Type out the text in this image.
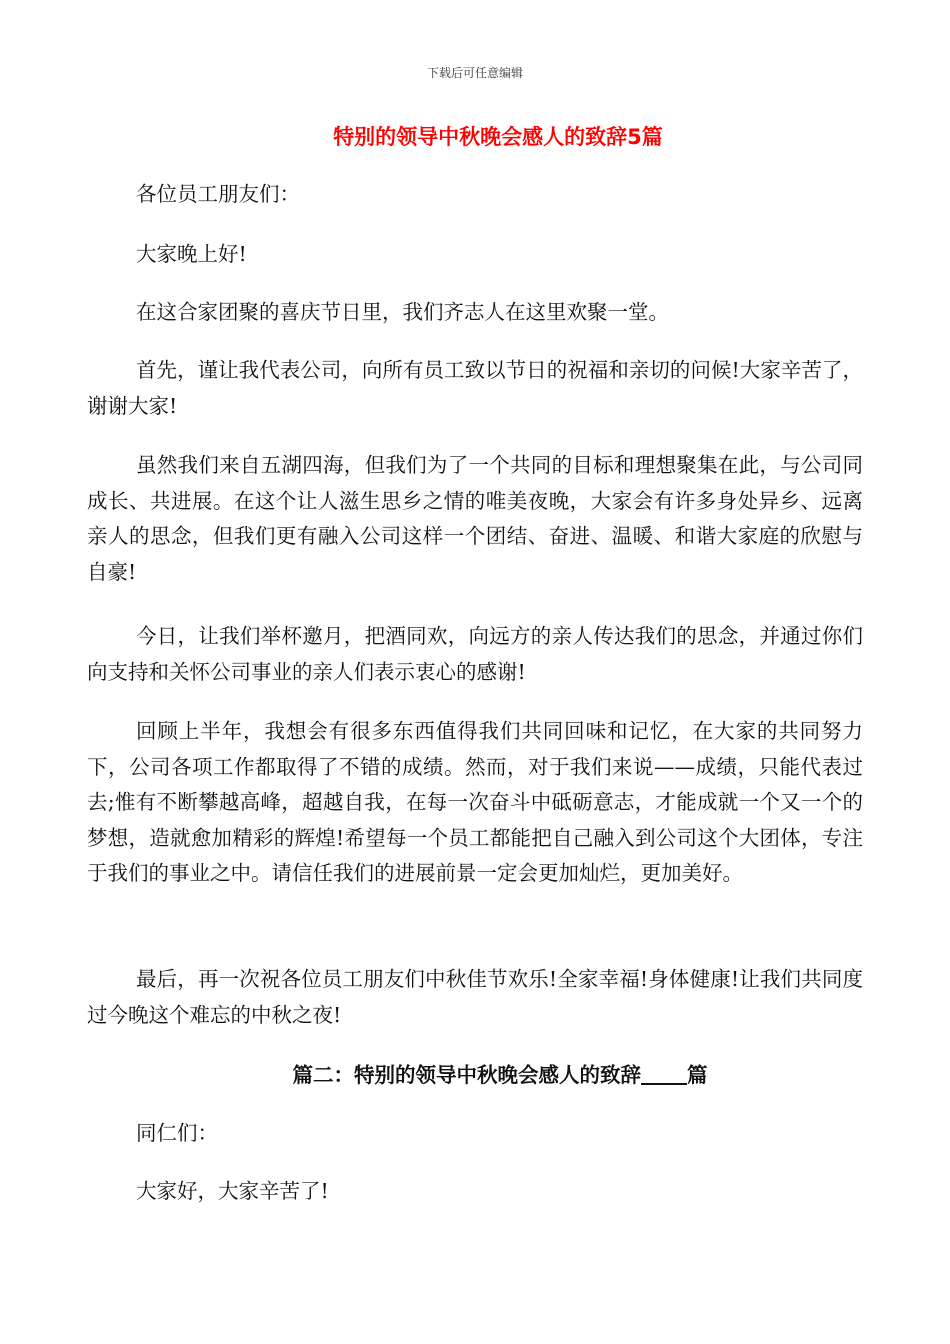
下载后可任意编辑
特别的领导中秋晚会感人的致辞5篇

各位员工朋友们：

大家晚上好!

在这合家团聚的喜庆节日里，我们齐志人在这里欢聚一堂。

首先，谨让我代表公司，向所有员工致以节日的祝福和亲切的问候!大家辛苦了，谢谢大家!

虽然我们来自五湖四海，但我们为了一个共同的目标和理想聚集在此，与公司同成长、共进展。在这个让人滋生思乡之情的唯美夜晚，大家会有许多身处异乡、远离亲人的思念，但我们更有融入公司这样一个团结、奋进、温暖、和谐大家庭的欣慰与自豪!

今日，让我们举杯邀月，把酒同欢，向远方的亲人传达我们的思念，并通过你们向支持和关怀公司事业的亲人们表示衷心的感谢!

回顾上半年，我想会有很多东西值得我们共同回味和记忆，在大家的共同努力下，公司各项工作都取得了不错的成绩。然而，对于我们来说——成绩，只能代表过去;惟有不断攀越高峰，超越自我，在每一次奋斗中砥砺意志，才能成就一个又一个的梦想，造就愈加精彩的辉煌!希望每一个员工都能把自己融入到公司这个大团体，专注于我们的事业之中。请信任我们的进展前景一定会更加灿烂，更加美好。

最后，再一次祝各位员工朋友们中秋佳节欢乐!全家幸福!身体健康!让我们共同度过今晚这个难忘的中秋之夜!

篇二：特别的领导中秋晚会感人的致辞 篇

同仁们：

大家好，大家辛苦了!
